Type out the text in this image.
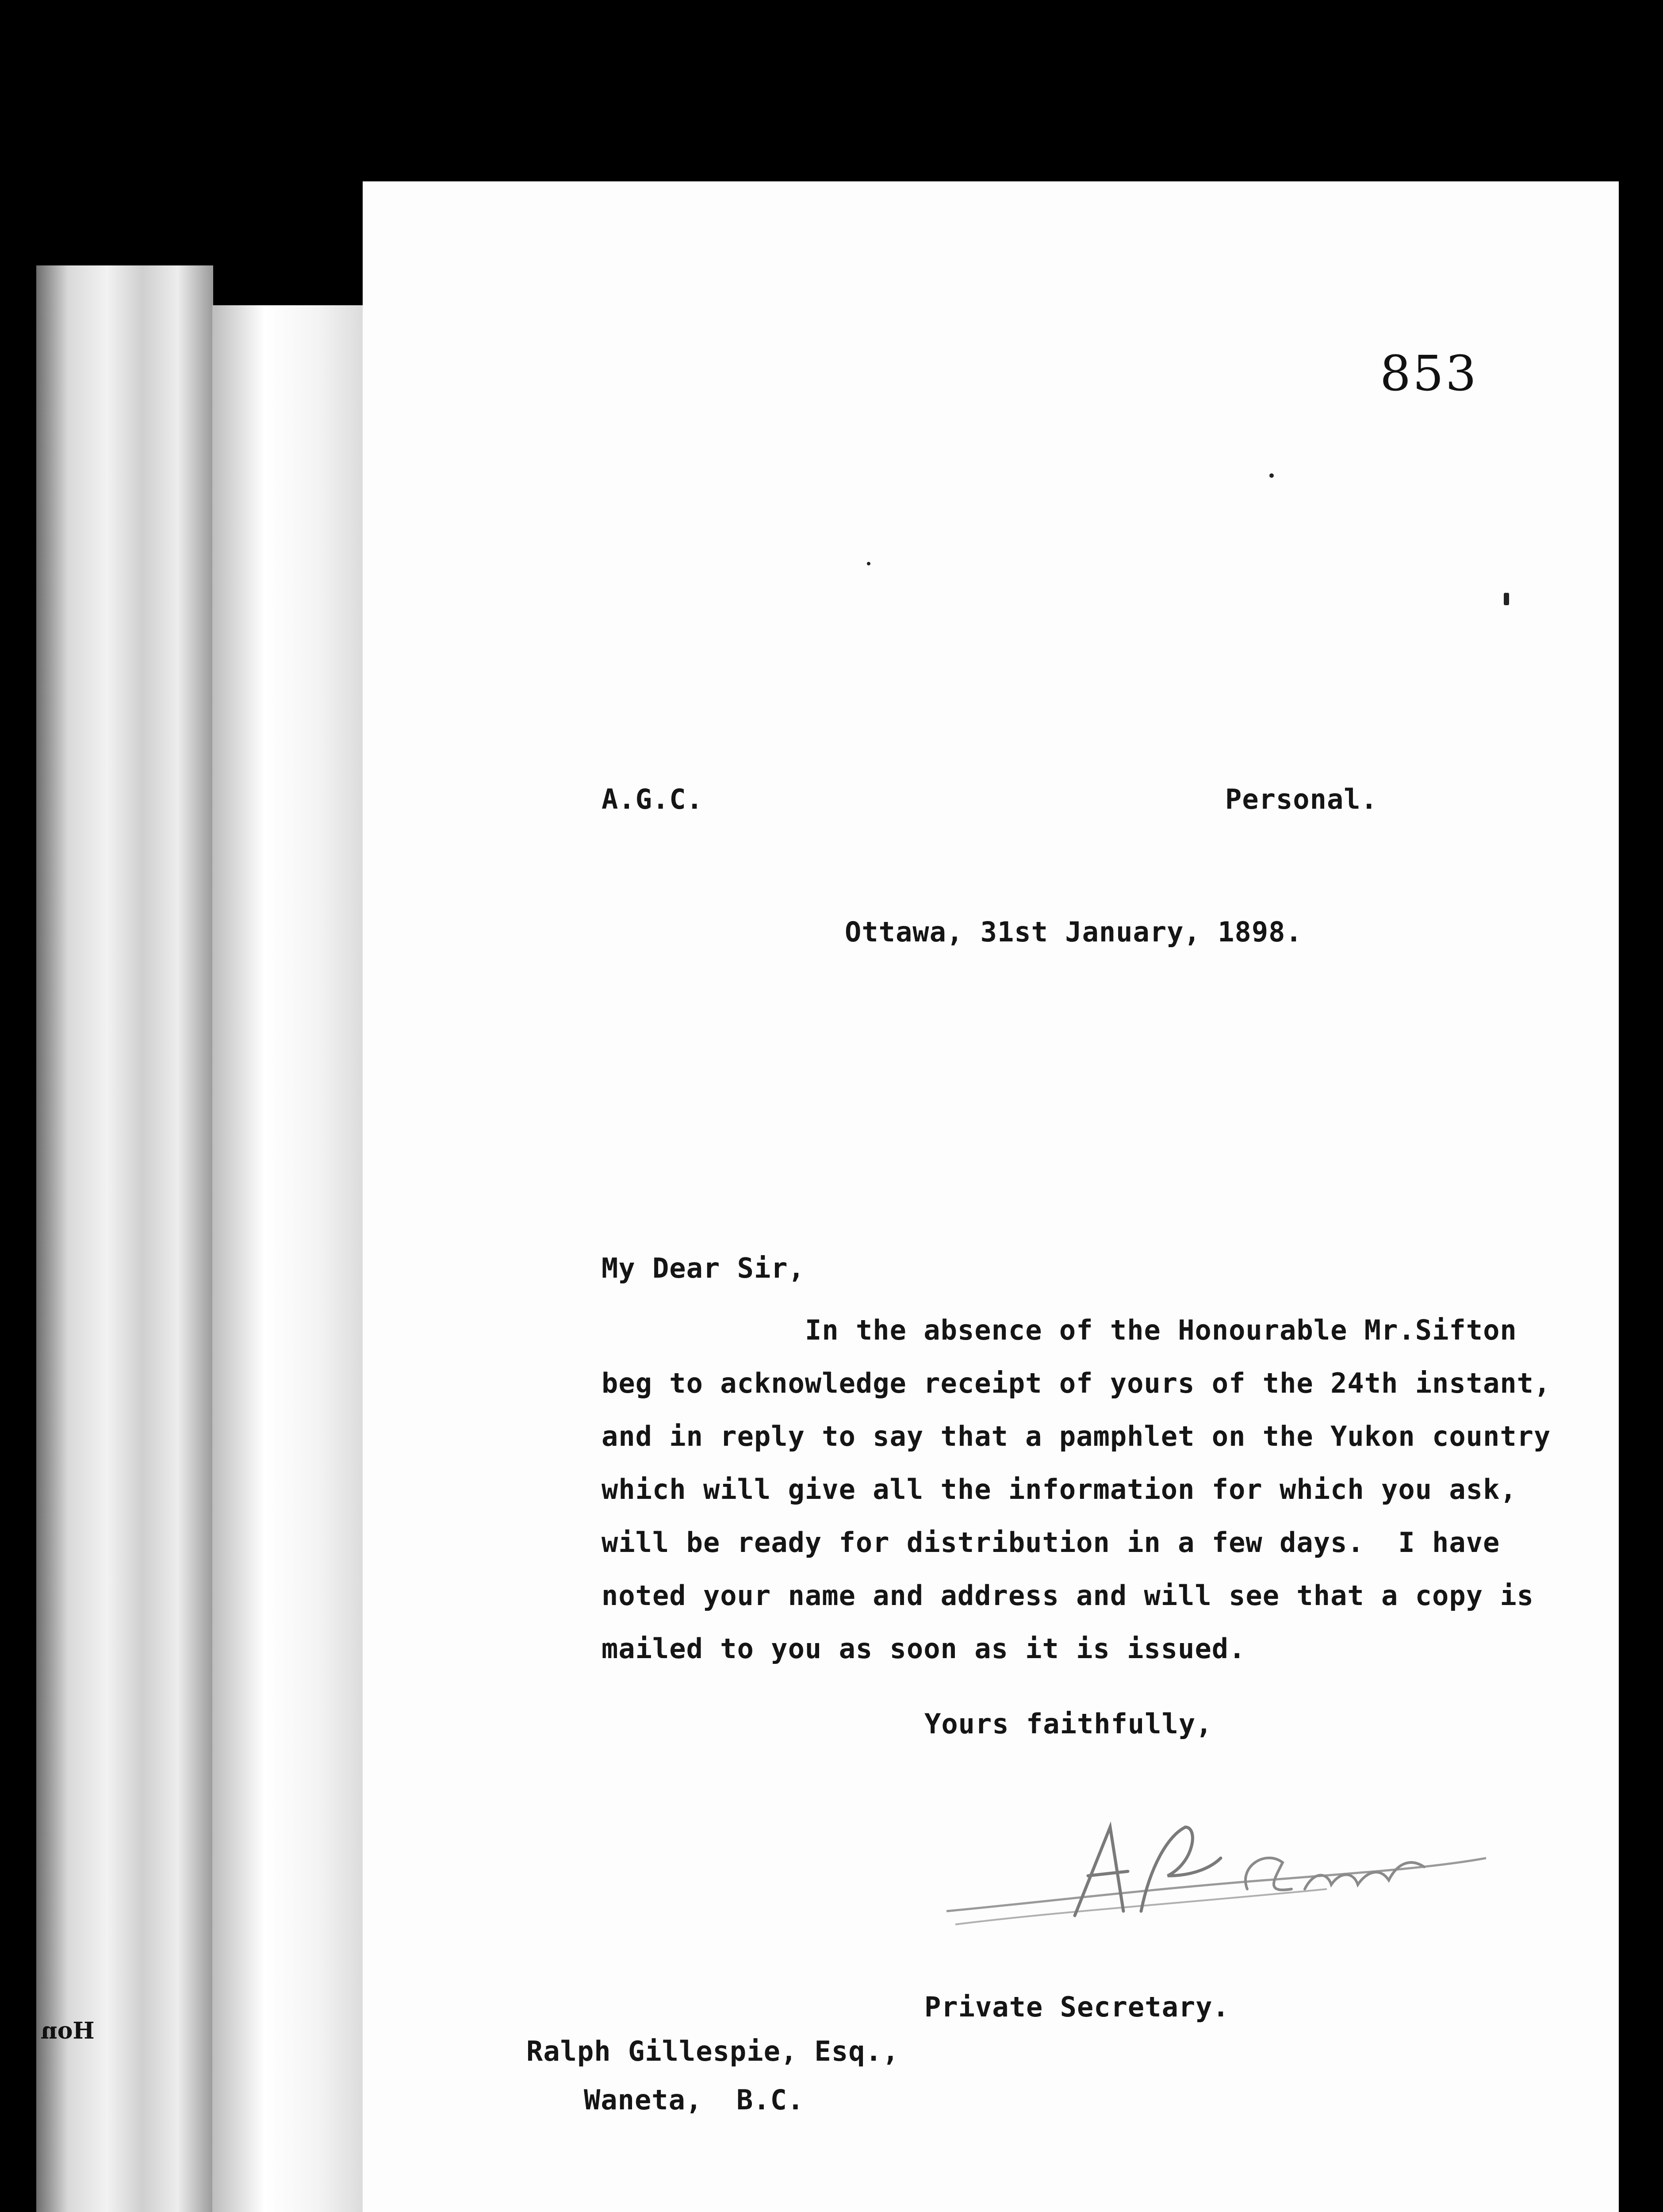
Hon
853
A.G.C.	Personal.
Ottawa, 31st January, 1898.
My Dear Sir,
In the absence of the Honourable Mr.Sifton
beg to acknowledge receipt of yours of the 24th instant,
and in reply to say that a pamphlet on the Yukon country
which will give all the information for which you ask,
will be ready for distribution in a few days.  I have
noted your name and address and will see that a copy is
mailed to you as soon as it is issued.
Yours faithfully,
Private Secretary.
Ralph Gillespie, Esq.,
Waneta,  B.C.
